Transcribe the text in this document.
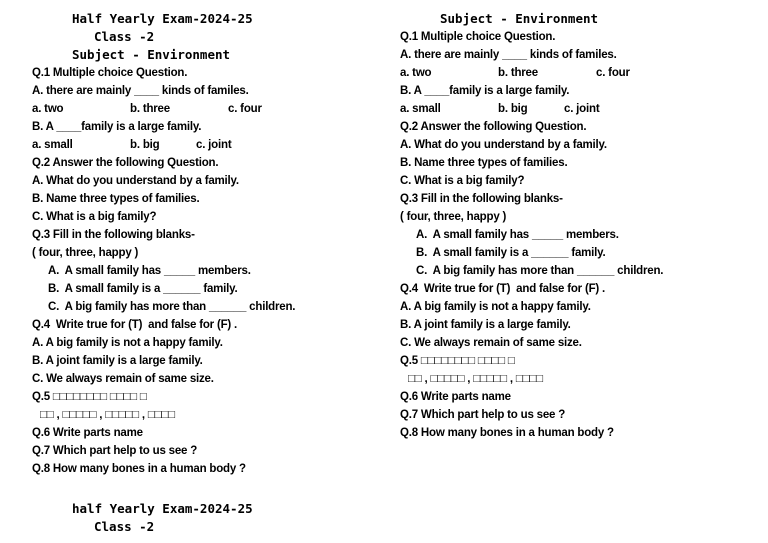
Half Yearly Exam-2024-25
Class -2
Subject - Environment
Q.1 Multiple choice Question.
A. there are mainly ____ kinds of familes.
a. two	b. three	c. four
B. A ____family is a large family.
a. small	b. big	c. joint
Q.2 Answer the following Question.
A. What do you understand by a family.
B. Name three types of families.
C. What is a big family?
Q.3 Fill in the following blanks-
( four, three, happy )
A.  A small family has _____ members.
B.  A small family is a ______ family.
C.  A big family has more than ______ children.
Q.4  Write true for (T)  and false for (F) .
A. A big family is not a happy family.
B. A joint family is a large family.
C. We always remain of same size.
Q.5 □□□□□□□□ □□□□ □
□□ , □□□□□ , □□□□□ , □□□□
Q.6 Write parts name
Q.7 Which part help to us see ?
Q.8 How many bones in a human body ?
half Yearly Exam-2024-25
Class -2
Subject - Environment
Q.1 Multiple choice Question.
A. there are mainly ____ kinds of familes.
a. two	b. three	c. four
B. A ____family is a large family.
a. small	b. big	c. joint
Q.2 Answer the following Question.
A. What do you understand by a family.
B. Name three types of families.
C. What is a big family?
Q.3 Fill in the following blanks-
( four, three, happy )
A.  A small family has _____ members.
B.  A small family is a ______ family.
C.  A big family has more than ______ children.
Q.4  Write true for (T)  and false for (F) .
A. A big family is not a happy family.
B. A joint family is a large family.
C. We always remain of same size.
Q.5 □□□□□□□□ □□□□ □
□□ , □□□□□ , □□□□□ , □□□□
Q.6 Write parts name
Q.7 Which part help to us see ?
Q.8 How many bones in a human body ?
